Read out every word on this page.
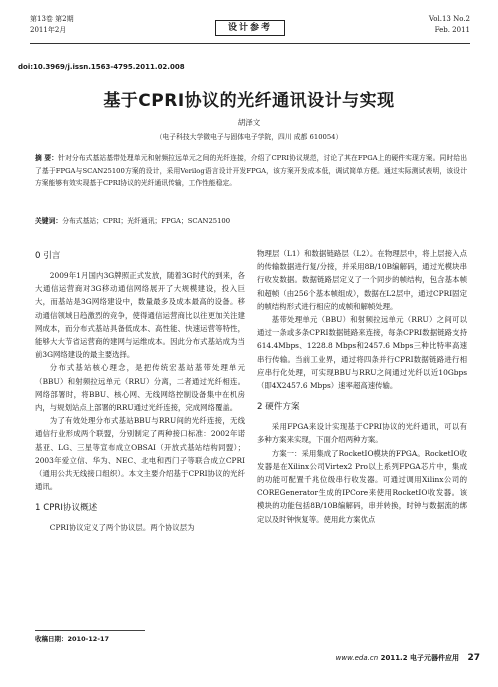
第13卷 第2期
2011年2月	设计参考
Vol.13 No.2
Feb. 2011
doi:10.3969/j.issn.1563-4795.2011.02.008
基于CPRI协议的光纤通讯设计与实现
胡泽文
（电子科技大学微电子与固体电子学院，四川 成都 610054）
摘 要：针对分布式基站基带处理单元和射频拉远单元之间的光纤连接，介绍了CPRI协议规范，讨论了其在FPGA上的硬件实现方案。同时给出了基于FPGA与SCAN25100方案的设计，采用Verilog语言设计开发FPGA，该方案开发成本低，调试简单方便。通过实际测试表明，该设计方案能够有效实现基于CPRI协议的光纤通讯传输，工作性能稳定。
关键词：分布式基站；CPRI；光纤通讯；FPGA；SCAN25100
0 引言

2009年1月国内3G牌照正式发放，随着3G时代的到来，各大通信运营商对3G移动通信网络展开了大规模建设，投入巨大，而基站是3G网络建设中，数量最多及成本最高的设备。移动通信领域日趋激烈的竞争，使得通信运营商比以往更加关注建网成本，而分布式基站具备低成本、高性能、快速运营等特性，能够大大节省运营商的建网与运维成本。因此分布式基站成为当前3G网络建设的最主要选择。

分布式基站核心理念，是把传统宏基站基带处理单元（BBU）和射频拉远单元（RRU）分离，二者通过光纤相连。网络部署时，将BBU、核心网、无线网络控制设备集中在机房内，与规划站点上部署的RRU通过光纤连接，完成网络覆盖。

为了有效处理分布式基站BBU与RRU间的光纤连接，无线通信行业形成两个联盟，分别制定了两种接口标准：2002年诺基亚、LG、三星等宣布成立OBSAI（开放式基站结构同盟）；2003年爱立信、华为、NEC、北电和西门子等联合成立CPRI（通用公共无线接口组织）。本文主要介绍基于CPRI协议的光纤通讯。

1 CPRI协议概述

CPRI协议定义了两个协议层。两个协议层为

物理层（L1）和数据链路层（L2）。在物理层中，将上层接入点的传输数据进行复/分接，并采用8B/10B编解码，通过光模块串行收发数据。数据链路层定义了一个同步的帧结构，包含基本帧和超帧（由256个基本帧组成），数据在L2层中，通过CPRI固定的帧结构形式进行相应的成帧和解帧处理。

基带处理单元（BBU）和射频拉远单元（RRU）之间可以通过一条或多条CPRI数据链路来连接，每条CPRI数据链路支持614.4Mbps、1228.8 Mbps和2457.6 Mbps三种比特率高速串行传输。当前工业界，通过将四条并行CPRI数据链路进行相应串行化处理，可实现BBU与RRU之间通过光纤以近10Gbps（即4X2457.6 Mbps）速率超高速传输。

2 硬件方案

采用FPGA来设计实现基于CPRI协议的光纤通讯，可以有多种方案来实现，下面介绍两种方案。

方案一：采用集成了RocketIO模块的FPGA。RocketIO收发器是在Xilinx公司Virtex2 Pro以上系列FPGA芯片中，集成的功能可配置千兆位级串行收发器。可通过调用Xilinx公司的COREGenerator生成的IPCore来使用RocketIO收发器。该模块的功能包括8B/10B编解码，串并转换，时钟与数据流的绑定以及时钟恢复等。使用此方案优点

收稿日期：2010-12-17
www.eda.cn 2011.2 电子元器件应用 27
